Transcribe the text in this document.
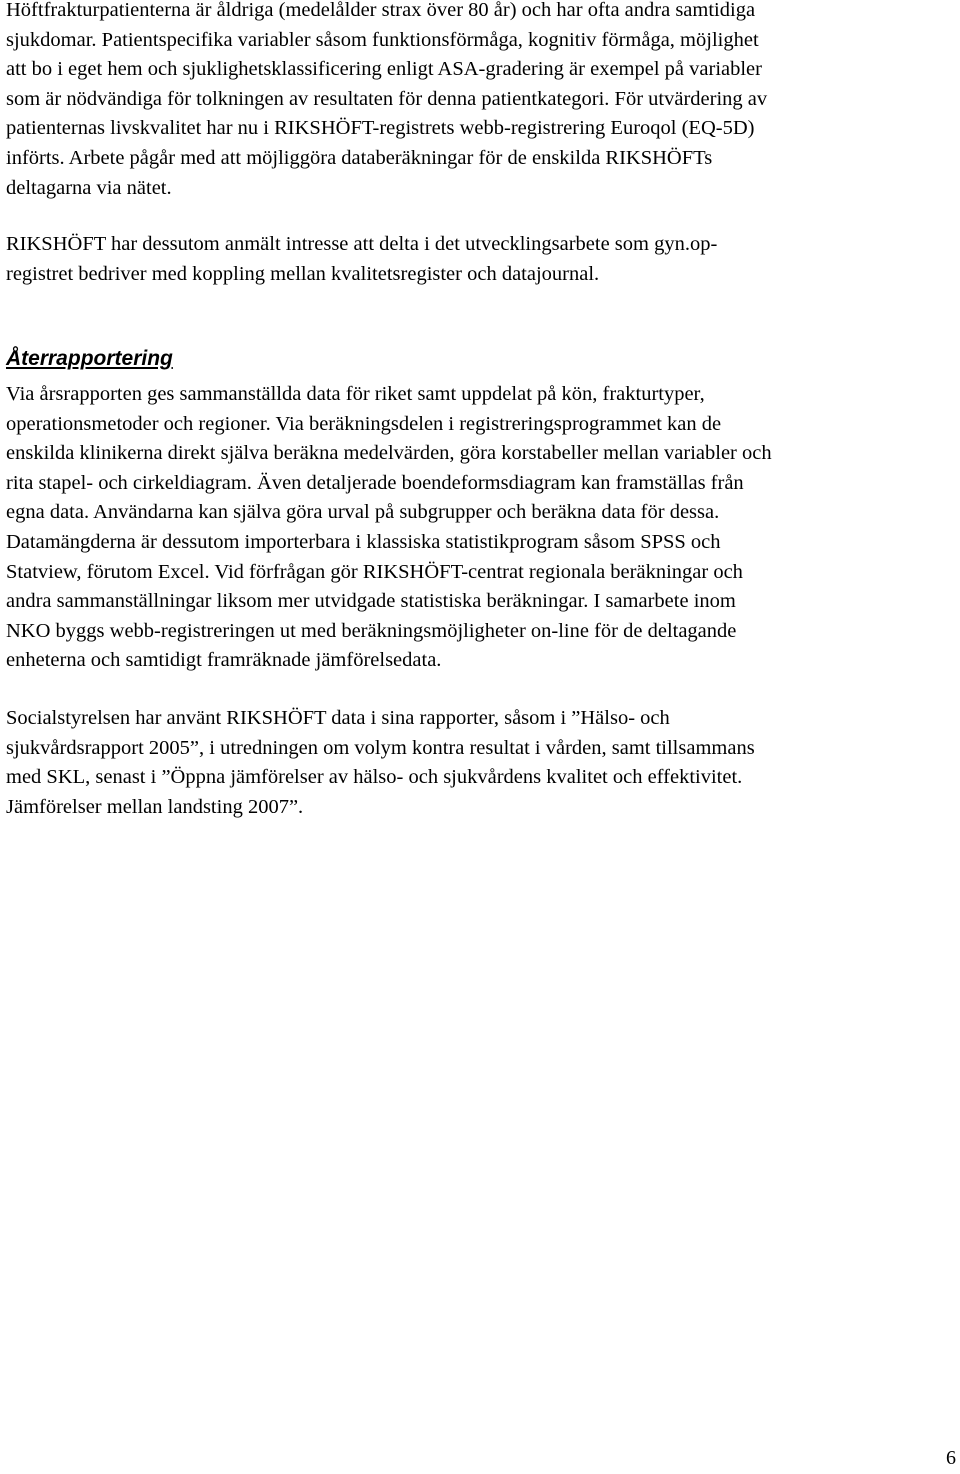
Höftfrakturpatienterna är åldriga (medelålder strax över 80 år) och har ofta andra samtidiga
sjukdomar. Patientspecifika variabler såsom funktionsförmåga, kognitiv förmåga, möjlighet
att bo i eget hem och sjuklighetsklassificering enligt ASA-gradering är exempel på variabler
som är nödvändiga för tolkningen av resultaten för denna patientkategori. För utvärdering av
patienternas livskvalitet har nu i RIKSHÖFT-registrets webb-registrering Euroqol (EQ-5D)
införts. Arbete pågår med att möjliggöra databeräkningar för de enskilda RIKSHÖFTs
deltagarna via nätet.

RIKSHÖFT har dessutom anmält intresse att delta i det utvecklingsarbete som gyn.op-
registret bedriver med koppling mellan kvalitetsregister och datajournal.

Återrapportering

Via årsrapporten ges sammanställda data för riket samt uppdelat på kön, frakturtyper,
operationsmetoder och regioner. Via beräkningsdelen i registreringsprogrammet kan de
enskilda klinikerna direkt själva beräkna medelvärden, göra korstabeller mellan variabler och
rita stapel- och cirkeldiagram. Även detaljerade boendeformsdiagram kan framställas från
egna data. Användarna kan själva göra urval på subgrupper och beräkna data för dessa.
Datamängderna är dessutom importerbara i klassiska statistikprogram såsom SPSS och
Statview, förutom Excel. Vid förfrågan gör RIKSHÖFT-centrat regionala beräkningar och
andra sammanställningar liksom mer utvidgade statistiska beräkningar. I samarbete inom
NKO byggs webb-registreringen ut med beräkningsmöjligheter on-line för de deltagande
enheterna och samtidigt framräknade jämförelsedata.

Socialstyrelsen har använt RIKSHÖFT data i sina rapporter, såsom i ”Hälso- och
sjukvårdsrapport 2005”, i utredningen om volym kontra resultat i vården, samt tillsammans
med SKL, senast i ”Öppna jämförelser av hälso- och sjukvårdens kvalitet och effektivitet.
Jämförelser mellan landsting 2007”.

6
